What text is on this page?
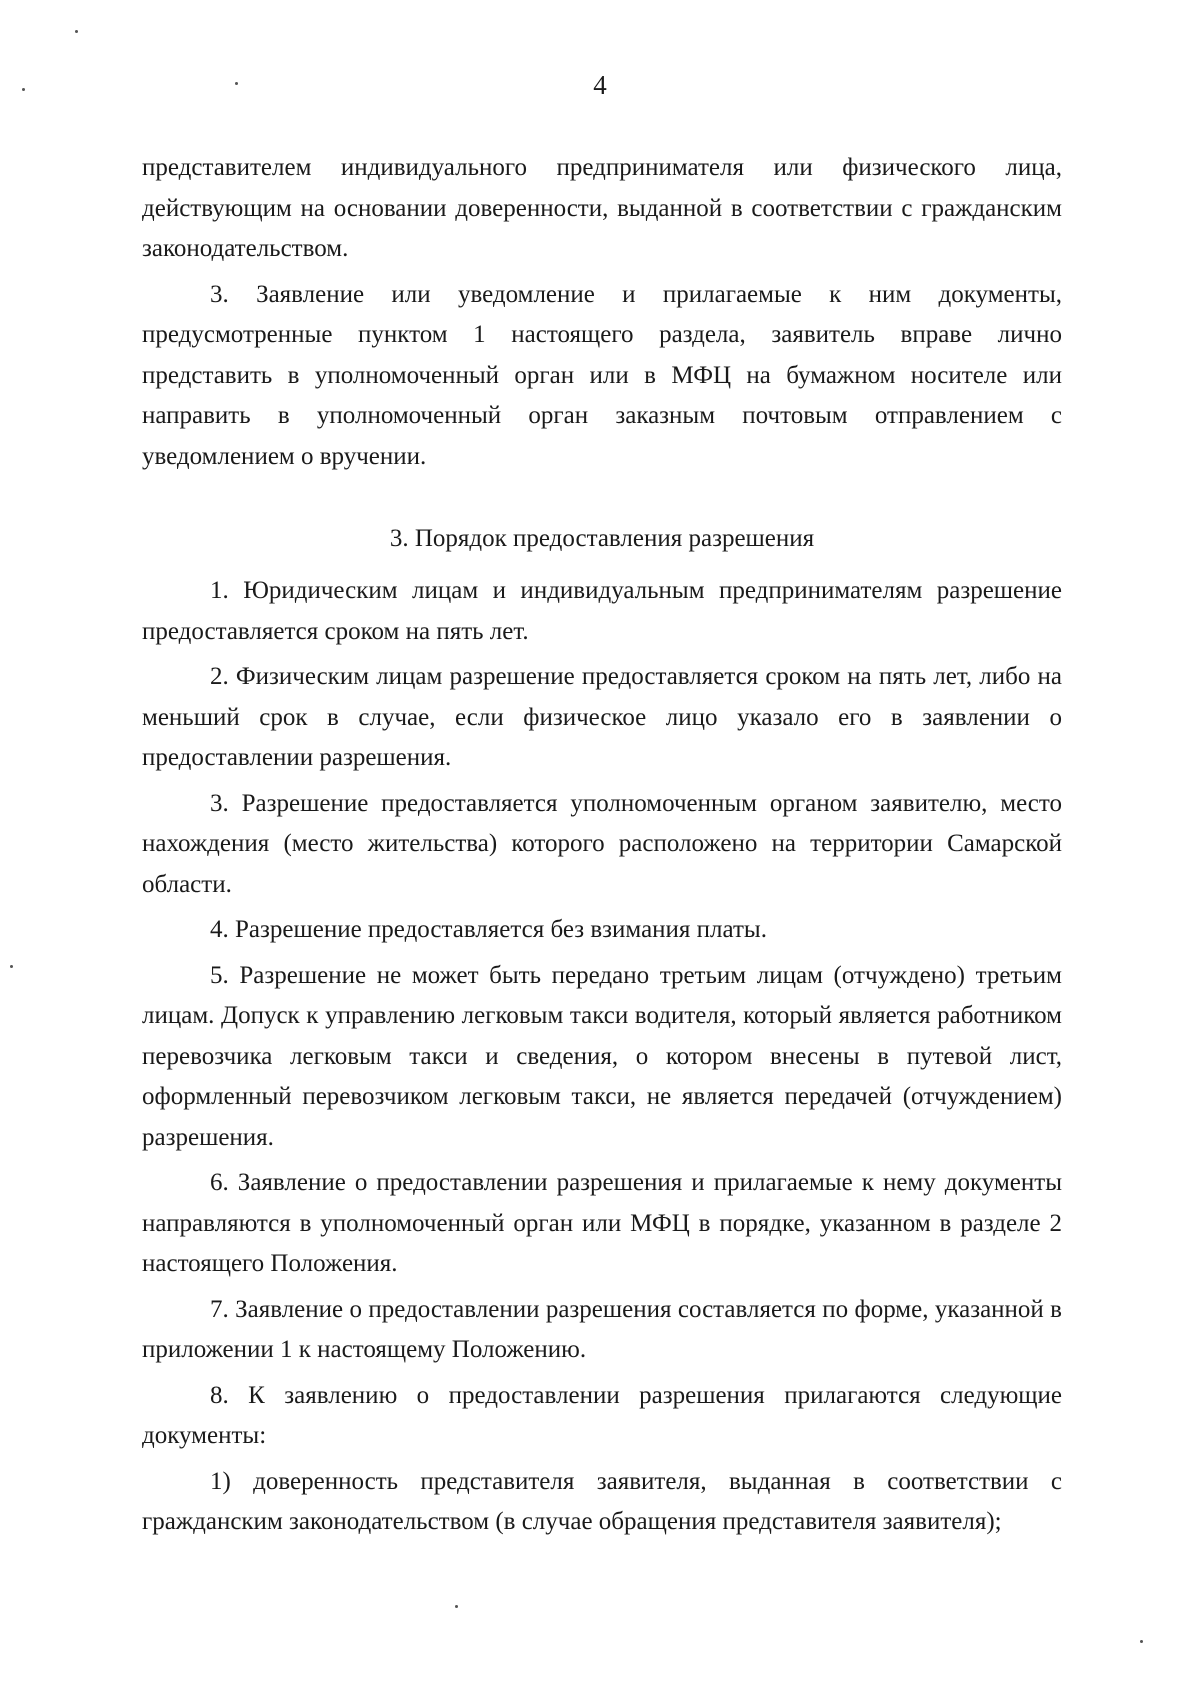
4

представителем индивидуального предпринимателя или физического лица, действующим на основании доверенности, выданной в соответствии с гражданским законодательством.

3. Заявление или уведомление и прилагаемые к ним документы, предусмотренные пунктом 1 настоящего раздела, заявитель вправе лично представить в уполномоченный орган или в МФЦ на бумажном носителе или направить в уполномоченный орган заказным почтовым отправлением с уведомлением о вручении.

3. Порядок предоставления разрешения

1. Юридическим лицам и индивидуальным предпринимателям разрешение предоставляется сроком на пять лет.

2. Физическим лицам разрешение предоставляется сроком на пять лет, либо на меньший срок в случае, если физическое лицо указало его в заявлении о предоставлении разрешения.

3. Разрешение предоставляется уполномоченным органом заявителю, место нахождения (место жительства) которого расположено на территории Самарской области.

4. Разрешение предоставляется без взимания платы.

5. Разрешение не может быть передано третьим лицам (отчуждено) третьим лицам. Допуск к управлению легковым такси водителя, который является работником перевозчика легковым такси и сведения, о котором внесены в путевой лист, оформленный перевозчиком легковым такси, не является передачей (отчуждением) разрешения.

6. Заявление о предоставлении разрешения и прилагаемые к нему документы направляются в уполномоченный орган или МФЦ в порядке, указанном в разделе 2 настоящего Положения.

7. Заявление о предоставлении разрешения составляется по форме, указанной в приложении 1 к настоящему Положению.

8. К заявлению о предоставлении разрешения прилагаются следующие документы:

1) доверенность представителя заявителя, выданная в соответствии с гражданским законодательством (в случае обращения представителя заявителя);
